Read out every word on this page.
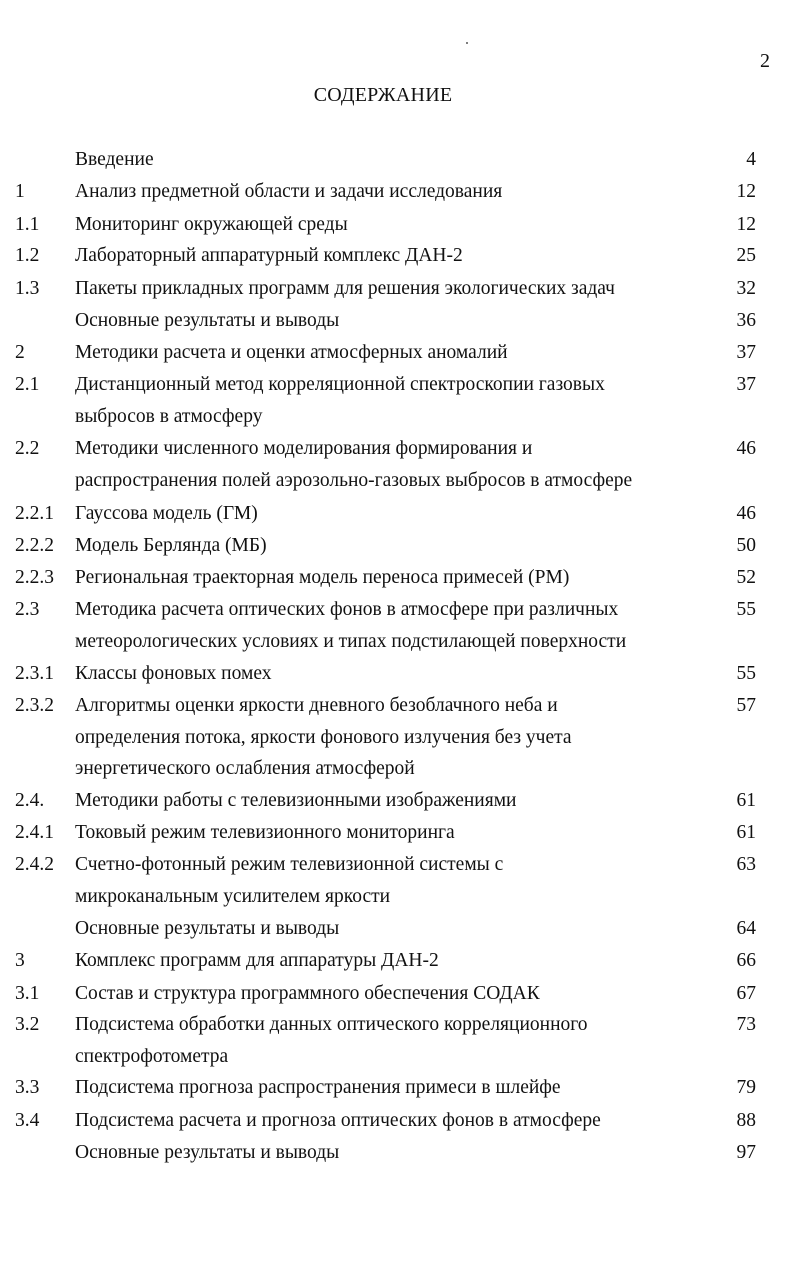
2
СОДЕРЖАНИЕ
Введение	4
1	Анализ предметной области и задачи исследования	12
1.1 Мониторинг окружающей среды	12
1.2 Лабораторный аппаратурный комплекс ДАН-2	25
1.3 Пакеты прикладных программ для решения экологических задач	32
Основные результаты и выводы	36
2	Методики расчета и оценки атмосферных аномалий	37
2.1 Дистанционный метод корреляционной спектроскопии газовых	37
выбросов в атмосферу
2.2 Методики численного моделирования формирования и	46
распространения полей аэрозольно-газовых выбросов в атмосфере
2.2.1 Гауссова модель (ГМ)	46
2.2.2 Модель Берлянда (МБ)	50
2.2.3 Региональная траекторная модель переноса примесей (РМ)	52
2.3 Методика расчета оптических фонов в атмосфере при различных	55
метеорологических условиях и типах подстилающей поверхности
2.3.1 Классы фоновых помех	55
2.3.2 Алгоритмы оценки яркости дневного безоблачного неба и	57
определения потока, яркости фонового излучения без учета
энергетического ослабления атмосферой
2.4. Методики работы с телевизионными изображениями	61
2.4.1 Токовый режим телевизионного мониторинга	61
2.4.2 Счетно-фотонный режим телевизионной системы с	63
микроканальным усилителем яркости
Основные результаты и выводы	64
3	Комплекс программ для аппаратуры ДАН-2	66
3.1 Состав и структура программного обеспечения СОДАК	67
3.2 Подсистема обработки данных оптического корреляционного	73
спектрофотометра
3.3 Подсистема прогноза распространения примеси в шлейфе	79
3.4 Подсистема расчета и прогноза оптических фонов в атмосфере	88
Основные результаты и выводы	97
